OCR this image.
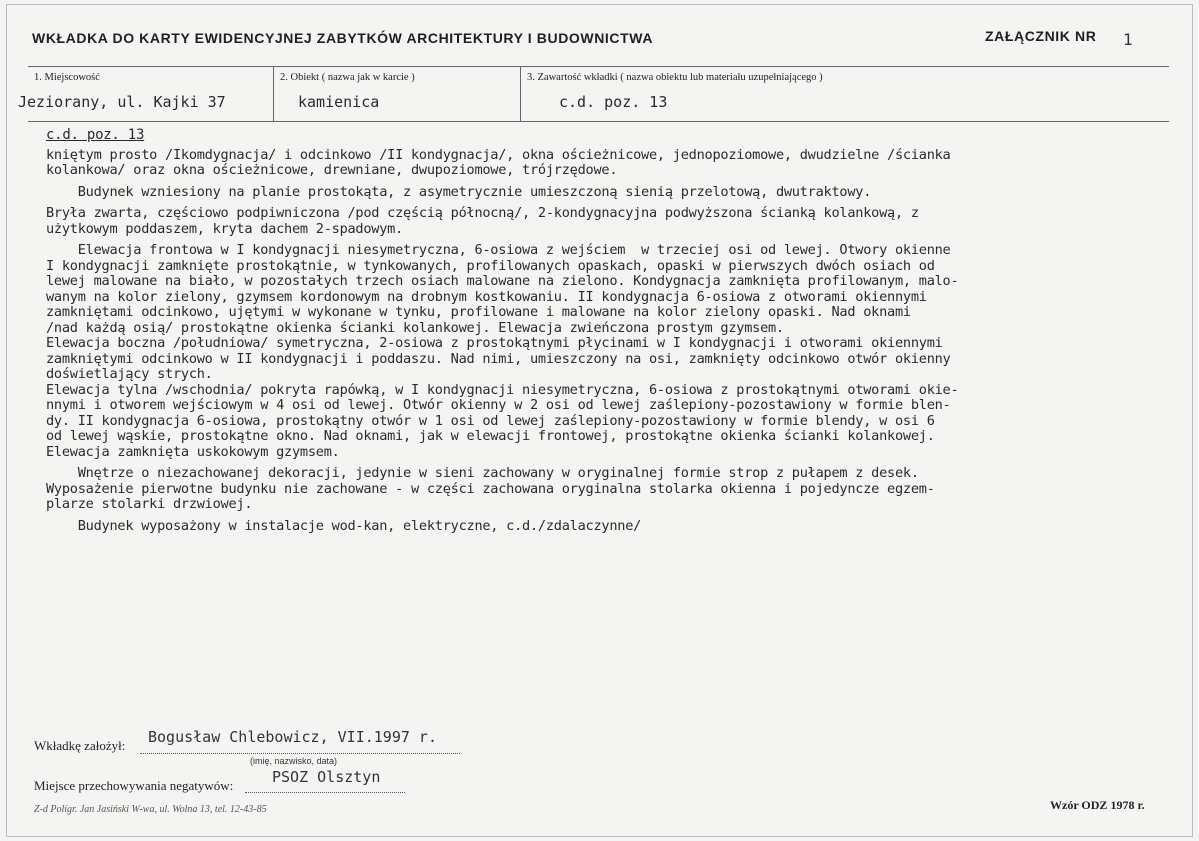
WKŁADKA DO KARTY EWIDENCYJNEJ ZABYTKÓW ARCHITEKTURY I BUDOWNICTWA	ZAŁĄCZNIK NR 1
1. Miejscowość
Jeziorany, ul. Kajki 37
2. Obiekt ( nazwa jak w karcie )
kamienica
3. Zawartość wkładki ( nazwa obiektu lub materiału uzupełniającego )
c.d. poz. 13
c.d. poz. 13
kniętym prosto /Ikomdygnacja/ i odcinkowo /II kondygnacja/, okna ościeżnicowe, jednopoziomowe, dwudzielne /ścianka
kolankowa/ oraz okna ościeżnicowe, drewniane, dwupoziomowe, trójrzędowe.
Budynek wzniesiony na planie prostokąta, z asymetrycznie umieszczoną sienią przelotową, dwutraktowy.
Bryła zwarta, częściowo podpiwniczona /pod częścią północną/, 2-kondygnacyjna podwyższona ścianką kolankową, z
użytkowym poddaszem, kryta dachem 2-spadowym.
Elewacja frontowa w I kondygnacji niesymetryczna, 6-osiowa z wejściem  w trzeciej osi od lewej. Otwory okienne
I kondygnacji zamknięte prostokątnie, w tynkowanych, profilowanych opaskach, opaski w pierwszych dwóch osiach od
lewej malowane na biało, w pozostałych trzech osiach malowane na zielono. Kondygnacja zamknięta profilowanym, malo-
wanym na kolor zielony, gzymsem kordonowym na drobnym kostkowaniu. II kondygnacja 6-osiowa z otworami okiennymi
zamkniętami odcinkowo, ujętymi w wykonane w tynku, profilowane i malowane na kolor zielony opaski. Nad oknami
/nad każdą osią/ prostokątne okienka ścianki kolankowej. Elewacja zwieńczona prostym gzymsem.
Elewacja boczna /południowa/ symetryczna, 2-osiowa z prostokątnymi płycinami w I kondygnacji i otworami okiennymi
zamkniętymi odcinkowo w II kondygnacji i poddaszu. Nad nimi, umieszczony na osi, zamknięty odcinkowo otwór okienny
doświetlający strych.
Elewacja tylna /wschodnia/ pokryta rapówką, w I kondygnacji niesymetryczna, 6-osiowa z prostokątnymi otworami okie-
nnymi i otworem wejściowym w 4 osi od lewej. Otwór okienny w 2 osi od lewej zaślepiony-pozostawiony w formie blen-
dy. II kondygnacja 6-osiowa, prostokątny otwór w 1 osi od lewej zaślepiony-pozostawiony w formie blendy, w osi 6
od lewej wąskie, prostokątne okno. Nad oknami, jak w elewacji frontowej, prostokątne okienka ścianki kolankowej.
Elewacja zamknięta uskokowym gzymsem.
Wnętrze o niezachowanej dekoracji, jedynie w sieni zachowany w oryginalnej formie strop z pułapem z desek.
Wyposażenie pierwotne budynku nie zachowane - w części zachowana oryginalna stolarka okienna i pojedyncze egzem-
plarze stolarki drzwiowej.
Budynek wyposażony w instalacje wod-kan, elektryczne, c.d./zdalaczynne/
Wkładkę założył: Bogusław Chlebowicz, VII.1997 r.
(imię, nazwisko, data)
Miejsce przechowywania negatywów:	PSOZ Olsztyn
Z-d Polígr. Jan Jasiński W-wa, ul. Wolna 13, tel. 12-43-85	Wzór ODZ 1978 r.
